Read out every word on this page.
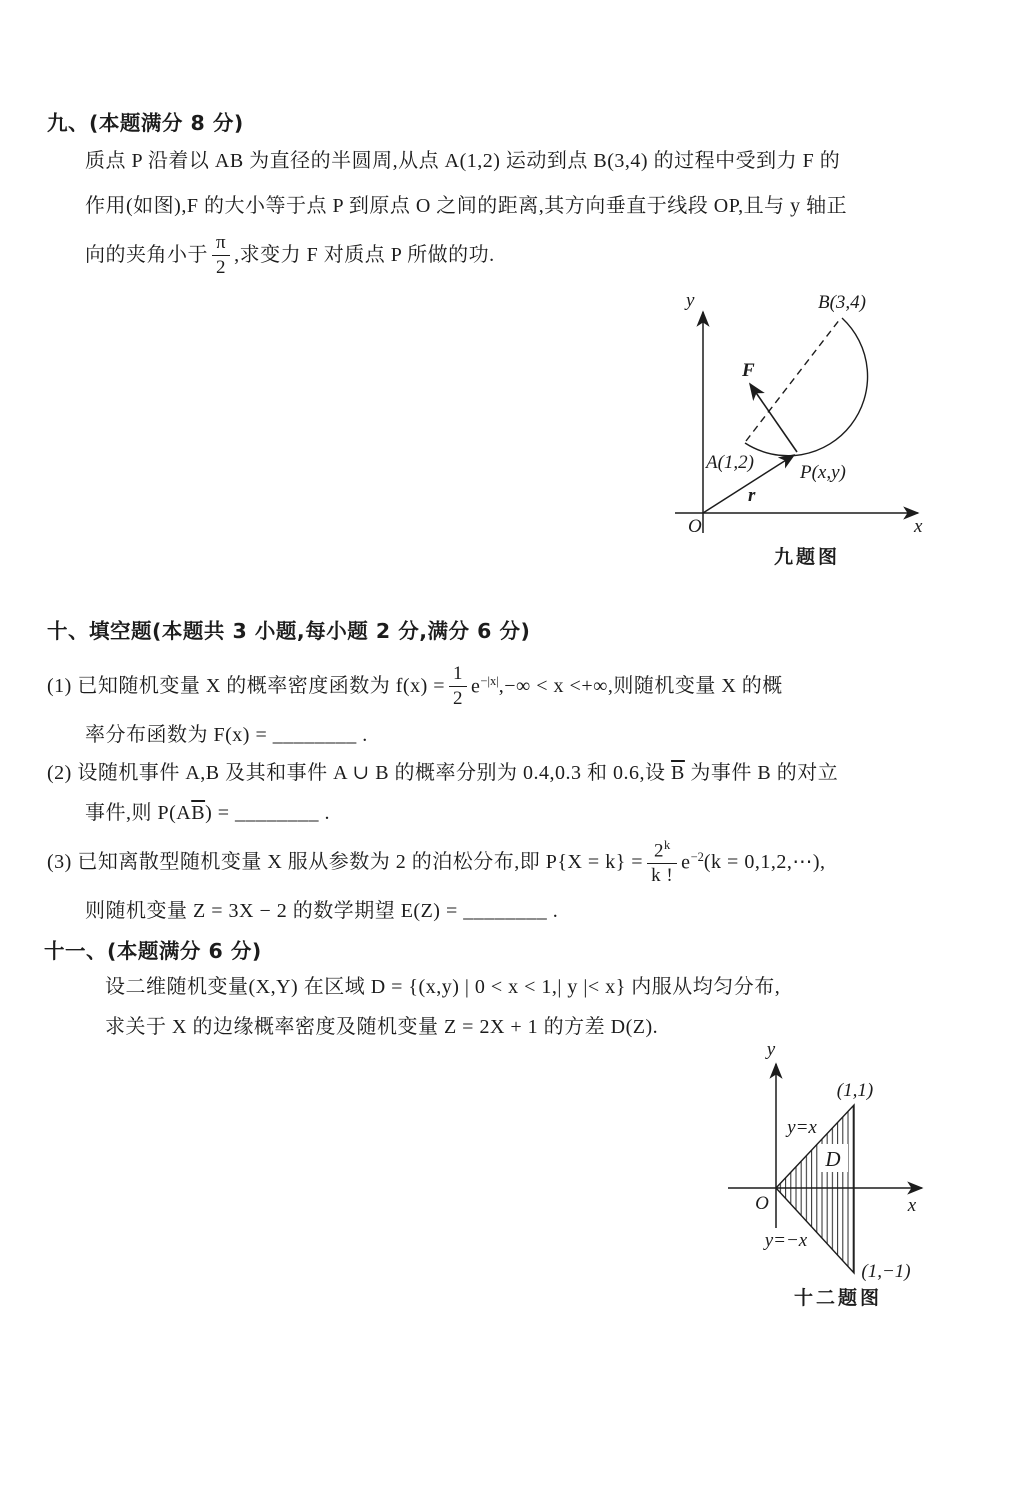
九、(本题满分 8 分)
质点 P 沿着以 AB 为直径的半圆周,从点 A(1,2) 运动到点 B(3,4) 的过程中受到力 F 的
作用(如图),F 的大小等于点 P 到原点 O 之间的距离,其方向垂直于线段 OP,且与 y 轴正
向的夹角小于 $\frac{\pi}{2}$ ,求变力 F 对质点 P 所做的功.
y
x
O
B(3,4)
A(1,2) P(x,y)
F
r
九题图
十、填空题(本题共 3 小题,每小题 2 分,满分 6 分)
(1) 已知随机变量 X 的概率密度函数为 $f(x) = \frac{1}{2} e^{-|x|}$ ,−∞ < x <+∞,则随机变量 X 的概
率分布函数为 F(x) = ________ .
(2) 设随机事件 A,B 及其和事件 A ∪ B 的概率分别为 0.4,0.3 和 0.6,设 $\overline{B}$ 为事件 B 的对立
事件,则 $P(A\overline{B})$ = ________ .
(3) 已知离散型随机变量 X 服从参数为 2 的泊松分布,即 $P\{X = k\} = \frac{2^k}{k !} e^{-2}$ (k = 0,1,2,⋯),
则随机变量 Z = 3X − 2 的数学期望 E(Z) = ________ .
十一、(本题满分 6 分)
设二维随机变量(X,Y) 在区域 D = {(x,y) | 0 < x < 1,| y |< x} 内服从均匀分布,
求关于 X 的边缘概率密度及随机变量 Z = 2X + 1 的方差 D(Z).
D
y
x
O
(1,1)
(1,−1)
y=x
y=−x
十二题图
